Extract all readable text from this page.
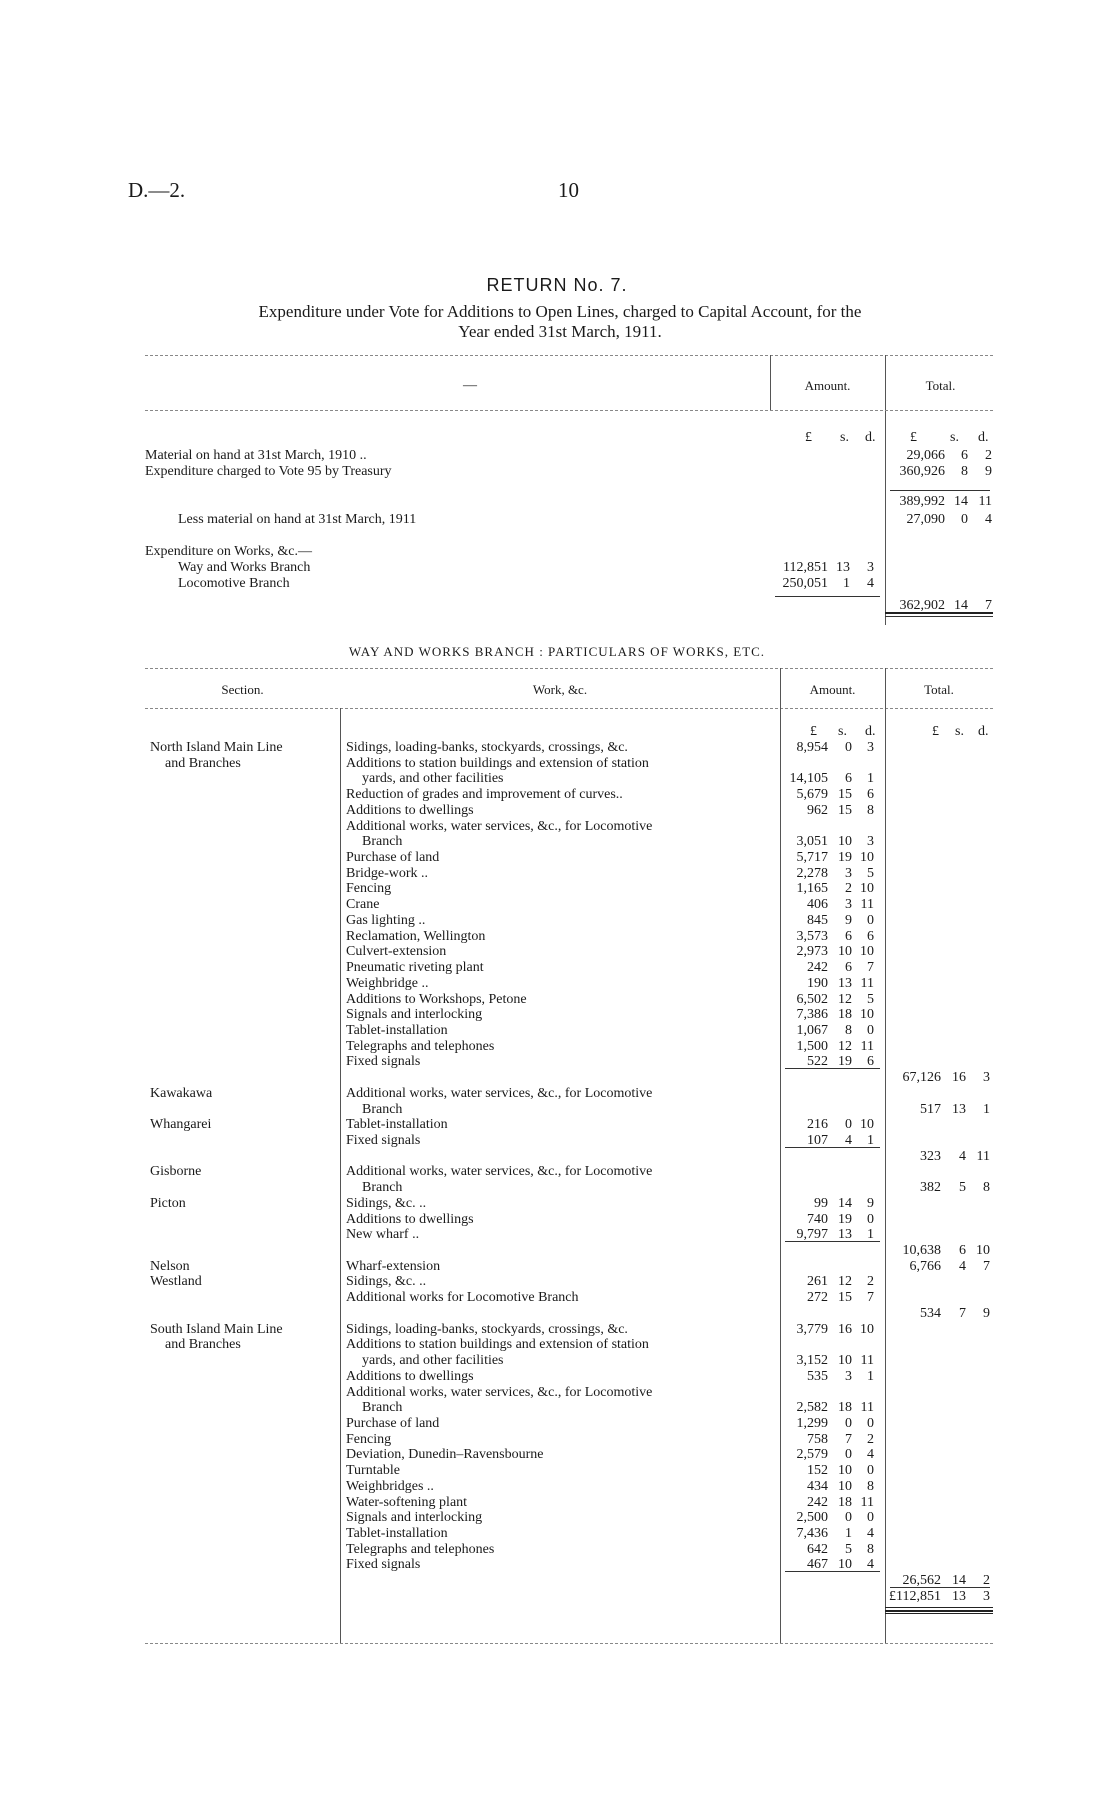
D.—2.	10
RETURN No. 7.
Expenditure under Vote for Additions to Open Lines, charged to Capital Account, for the
Year ended 31st March, 1911.
—	Amount.	Total.
£ s. d. £ s. d.
Material on hand at 31st March, 1910 ..	29,066	6	2
Expenditure charged to Vote 95 by Treasury	360,926	8	9
389,992 14 11
Less material on hand at 31st March, 1911	27,090	0	4
Expenditure on Works, &c.—
Way and Works Branch	112,851 13	3
Locomotive Branch	250,051	1	4
362,902 14	7
WAY AND WORKS BRANCH : PARTICULARS OF WORKS, ETC.
Section.	Work, &c.	Amount.	Total.
£ s. d.	£ s. d.
North Island Main Line	Sidings, loading-banks, stockyards, crossings, &c.	8,954	0	3
and Branches	Additions to station buildings and extension of station
yards, and other facilities	14,105	6	1
Reduction of grades and improvement of curves..	5,679 15	6
Additions to dwellings	962 15	8
Additional works, water services, &c., for Locomotive
Branch	3,051 10	3
Purchase of land	5,717 19 10
Bridge-work ..	2,278	3	5
Fencing	1,165	2 10
Crane	406	3 11
Gas lighting ..	845	9	0
Reclamation, Wellington	3,573	6	6
Culvert-extension	2,973 10 10
Pneumatic riveting plant	242	6	7
Weighbridge ..	190 13 11
Additions to Workshops, Petone	6,502 12	5
Signals and interlocking	7,386 18 10
Tablet-installation	1,067	8	0
Telegraphs and telephones	1,500 12 11
Fixed signals	522 19	6
67,126 16	3
Kawakawa	Additional works, water services, &c., for Locomotive
Branch	517 13	1
Whangarei	Tablet-installation	216	0 10
Fixed signals	107	4	1
323	4 11
Gisborne	Additional works, water services, &c., for Locomotive
Branch	382	5	8
Picton	Sidings, &c. ..	99 14	9
Additions to dwellings	740 19	0
New wharf ..	9,797 13	1
10,638	6 10
Nelson	Wharf-extension	6,766	4	7
Westland	Sidings, &c. ..	261 12	2
Additional works for Locomotive Branch	272 15	7
534	7	9
South Island Main Line	Sidings, loading-banks, stockyards, crossings, &c.	3,779 16 10
and Branches	Additions to station buildings and extension of station
yards, and other facilities	3,152 10 11
Additions to dwellings	535	3	1
Additional works, water services, &c., for Locomotive
Branch	2,582 18 11
Purchase of land	1,299	0	0
Fencing	758	7	2
Deviation, Dunedin–Ravensbourne	2,579	0	4
Turntable	152 10	0
Weighbridges ..	434 10	8
Water-softening plant	242 18 11
Signals and interlocking	2,500	0	0
Tablet-installation	7,436	1	4
Telegraphs and telephones	642	5	8
Fixed signals	467 10	4
26,562 14	2
£112,851 13	3
